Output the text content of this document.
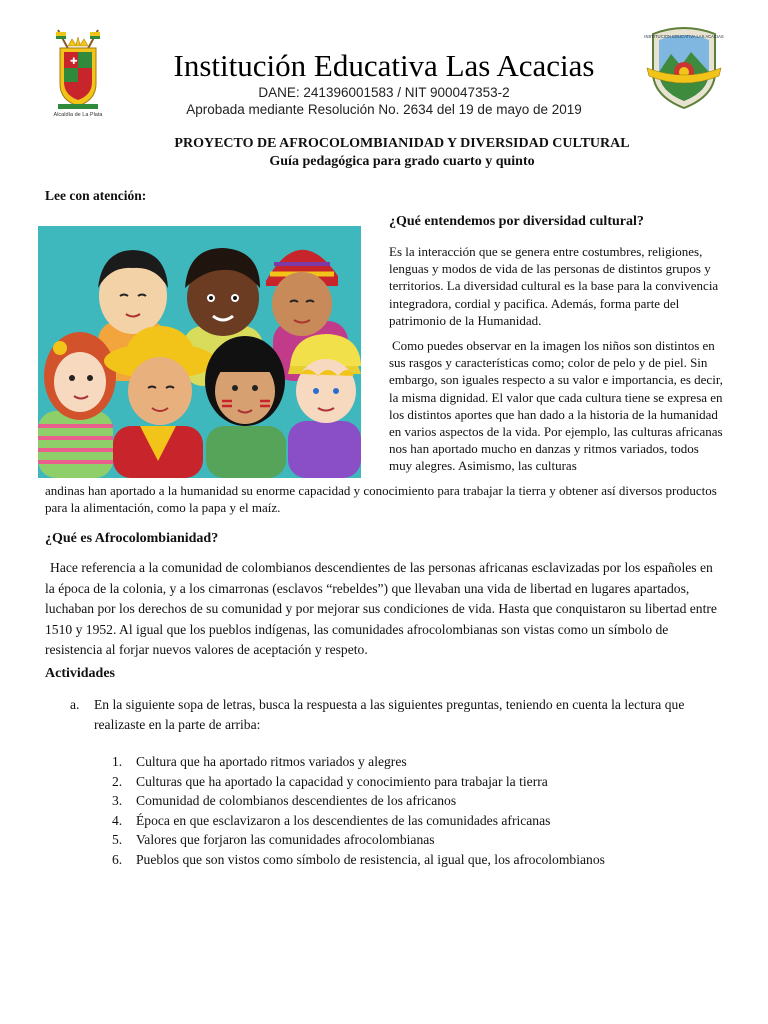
✚
Alcaldía de La Plata
INSTITUCION EDUCATIVA LAS ACACIAS
Institución Educativa Las Acacias
DANE: 241396001583 / NIT 900047353-2
Aprobada mediante Resolución No. 2634 del 19 de mayo de 2019
PROYECTO DE AFROCOLOMBIANIDAD Y DIVERSIDAD CULTURAL
Guía pedagógica para grado cuarto y quinto
Lee con atención:
¿Qué entendemos por diversidad cultural?

Es la interacción que se genera entre costumbres, religiones, lenguas y modos de vida de las personas de distintos grupos y territorios. La diversidad cultural es la base para la convivencia integradora, cordial y pacifica. Además, forma parte del patrimonio de la Humanidad.

Como puedes observar en la imagen los niños son distintos en sus rasgos y características como; color de pelo y de piel. Sin embargo, son iguales respecto a su valor e importancia, es decir, la misma dignidad. El valor que cada cultura tiene se expresa en los distintos aportes que han dado a la historia de la humanidad en varios aspectos de la vida. Por ejemplo, las culturas africanas nos han aportado mucho en danzas y ritmos variados, todos muy alegres. Asimismo, las culturas

andinas han aportado a la humanidad su enorme capacidad y conocimiento para trabajar la tierra y obtener así diversos productos para la alimentación, como la papa y el maíz.
¿Qué es Afrocolombianidad?
Hace referencia a la comunidad de colombianos descendientes de las personas africanas esclavizadas por los españoles en la época de la colonia, y a los cimarronas (esclavos “rebeldes”) que llevaban una vida de libertad en lugares apartados, luchaban por los derechos de su comunidad y por mejorar sus condiciones de vida. Hasta que conquistaron su libertad entre 1510 y 1952. Al igual que los pueblos indígenas, las comunidades afrocolombianas son vistas como un símbolo de resistencia al forjar nuevos valores de aceptación y respeto.
Actividades
a. En la siguiente sopa de letras, busca la respuesta a las siguientes preguntas, teniendo en cuenta la lectura que realizaste en la parte de arriba:
1. Cultura que ha aportado ritmos variados y alegres
2. Culturas que ha aportado la capacidad y conocimiento para trabajar la tierra
3. Comunidad de colombianos descendientes de los africanos
4. Época en que esclavizaron a los descendientes de las comunidades africanas
5. Valores que forjaron las comunidades afrocolombianas
6. Pueblos que son vistos como símbolo de resistencia, al igual que, los afrocolombianos
